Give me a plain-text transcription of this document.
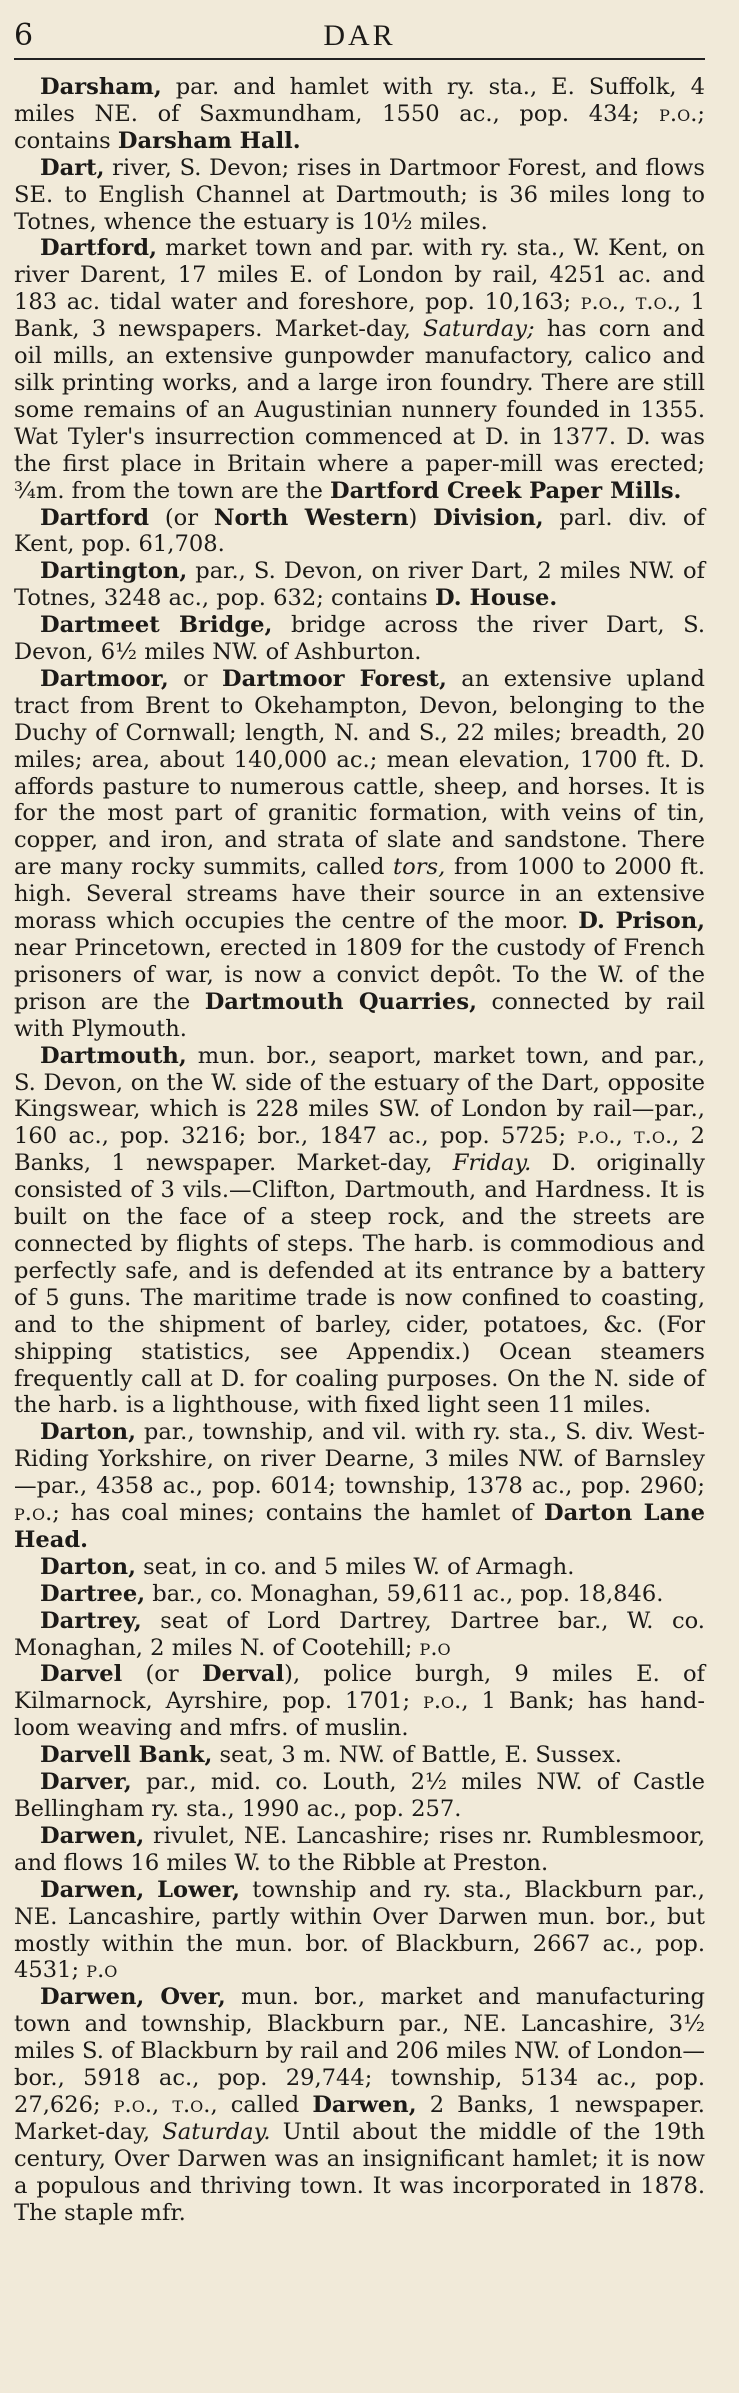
6	DAR

Darsham, par. and hamlet with ry. sta., E. Suffolk, 4 miles NE. of Saxmundham, 1550 ac., pop. 434; p.o.; contains Darsham Hall.

Dart, river, S. Devon; rises in Dartmoor Forest, and flows SE. to English Channel at Dartmouth; is 36 miles long to Totnes, whence the estuary is 10½ miles.

Dartford, market town and par. with ry. sta., W. Kent, on river Darent, 17 miles E. of London by rail, 4251 ac. and 183 ac. tidal water and foreshore, pop. 10,163; p.o., t.o., 1 Bank, 3 newspapers. Market-day, Saturday; has corn and oil mills, an extensive gunpowder manufactory, calico and silk printing works, and a large iron foundry. There are still some remains of an Augustinian nunnery founded in 1355. Wat Tyler's insurrection commenced at D. in 1377. D. was the first place in Britain where a paper-mill was erected; ¾m. from the town are the Dartford Creek Paper Mills.

Dartford (or North Western) Division, parl. div. of Kent, pop. 61,708.

Dartington, par., S. Devon, on river Dart, 2 miles NW. of Totnes, 3248 ac., pop. 632; contains D. House.

Dartmeet Bridge, bridge across the river Dart, S. Devon, 6½ miles NW. of Ashburton.

Dartmoor, or Dartmoor Forest, an extensive upland tract from Brent to Okehampton, Devon, belonging to the Duchy of Cornwall; length, N. and S., 22 miles; breadth, 20 miles; area, about 140,000 ac.; mean elevation, 1700 ft. D. affords pasture to numerous cattle, sheep, and horses. It is for the most part of granitic formation, with veins of tin, copper, and iron, and strata of slate and sandstone. There are many rocky summits, called tors, from 1000 to 2000 ft. high. Several streams have their source in an extensive morass which occupies the centre of the moor. D. Prison, near Princetown, erected in 1809 for the custody of French prisoners of war, is now a convict depôt. To the W. of the prison are the Dartmouth Quarries, connected by rail with Plymouth.

Dartmouth, mun. bor., seaport, market town, and par., S. Devon, on the W. side of the estuary of the Dart, opposite Kingswear, which is 228 miles SW. of London by rail—par., 160 ac., pop. 3216; bor., 1847 ac., pop. 5725; p.o., t.o., 2 Banks, 1 newspaper. Market-day, Friday. D. originally consisted of 3 vils.—Clifton, Dartmouth, and Hardness. It is built on the face of a steep rock, and the streets are connected by flights of steps. The harb. is commodious and perfectly safe, and is defended at its entrance by a battery of 5 guns. The maritime trade is now confined to coasting, and to the shipment of barley, cider, potatoes, &c. (For shipping statistics, see Appendix.) Ocean steamers frequently call at D. for coaling purposes. On the N. side of the harb. is a lighthouse, with fixed light seen 11 miles.

Darton, par., township, and vil. with ry. sta., S. div. West-Riding Yorkshire, on river Dearne, 3 miles NW. of Barnsley—par., 4358 ac., pop. 6014; township, 1378 ac., pop. 2960; p.o.; has coal mines; contains the hamlet of Darton Lane Head.

Darton, seat, in co. and 5 miles W. of Armagh.

Dartree, bar., co. Monaghan, 59,611 ac., pop. 18,846.

Dartrey, seat of Lord Dartrey, Dartree bar., W. co. Monaghan, 2 miles N. of Cootehill; p.o

Darvel (or Derval), police burgh, 9 miles E. of Kilmarnock, Ayrshire, pop. 1701; p.o., 1 Bank; has hand-loom weaving and mfrs. of muslin.

Darvell Bank, seat, 3 m. NW. of Battle, E. Sussex.

Darver, par., mid. co. Louth, 2½ miles NW. of Castle Bellingham ry. sta., 1990 ac., pop. 257.

Darwen, rivulet, NE. Lancashire; rises nr. Rumblesmoor, and flows 16 miles W. to the Ribble at Preston.

Darwen, Lower, township and ry. sta., Blackburn par., NE. Lancashire, partly within Over Darwen mun. bor., but mostly within the mun. bor. of Blackburn, 2667 ac., pop. 4531; p.o

Darwen, Over, mun. bor., market and manufacturing town and township, Blackburn par., NE. Lancashire, 3½ miles S. of Blackburn by rail and 206 miles NW. of London—bor., 5918 ac., pop. 29,744; township, 5134 ac., pop. 27,626; p.o., t.o., called Darwen, 2 Banks, 1 newspaper. Market-day, Saturday. Until about the middle of the 19th century, Over Darwen was an insignificant hamlet; it is now a populous and thriving town. It was incorporated in 1878. The staple mfr.
